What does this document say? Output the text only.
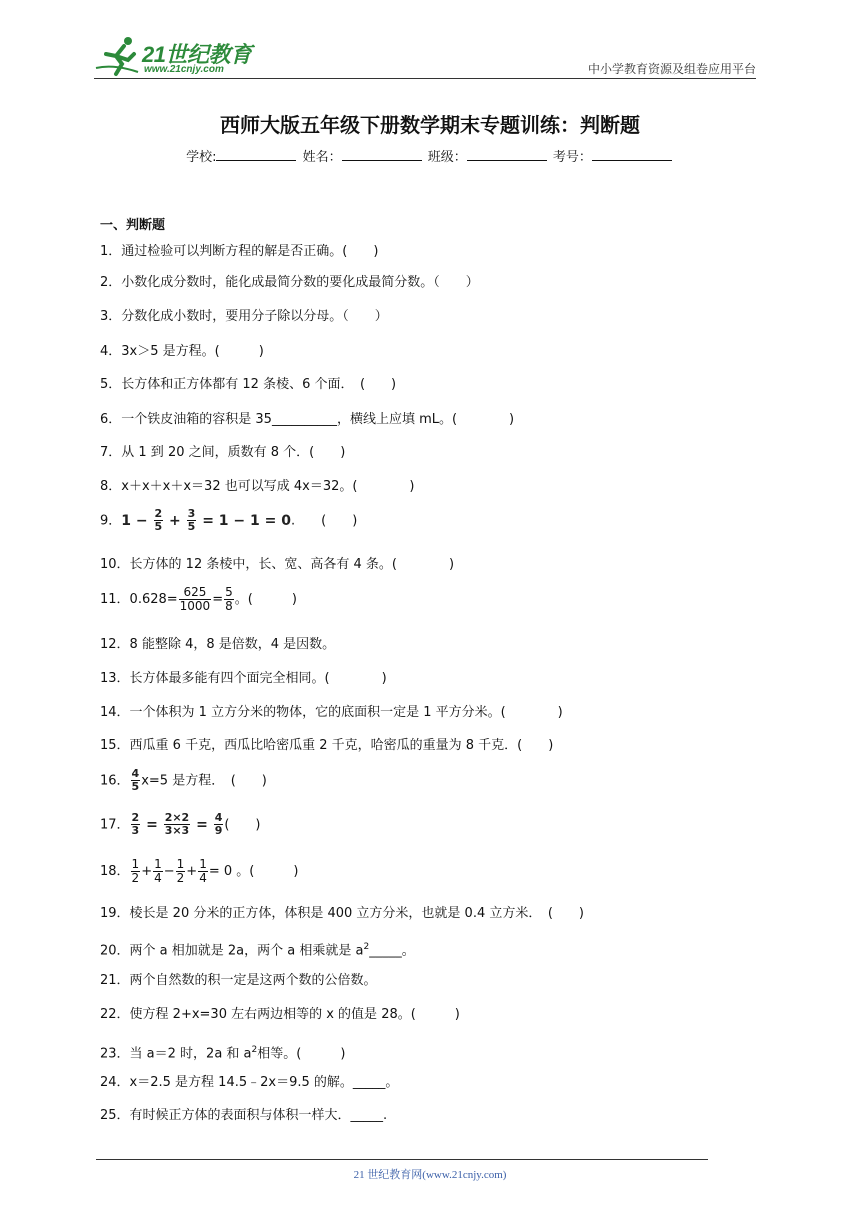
21世纪教育
www.21cnjy.com	中小学教育资源及组卷应用平台
西师大版五年级下册数学期末专题训练：判断题
学校:	姓名：	班级：	考号：
一、判断题
1．通过检验可以判断方程的解是否正确。(　　)
2．小数化成分数时，能化成最简分数的要化成最简分数。（　　）
3．分数化成小数时，要用分子除以分母。（　　）
4．3x＞5 是方程。(　　　)
5．长方体和正方体都有 12 条棱、6 个面．　(　　)
6．一个铁皮油箱的容积是 35__________，横线上应填 mL。(　　　　)
7．从 1 到 20 之间，质数有 8 个．(　　)
8．x＋x＋x＋x＝32 也可以写成 4x＝32。(　　　　)
9．$1 - \frac{2}{5} + \frac{3}{5} = 1 - 1 = 0$.　　(　　)
10．长方体的 12 条棱中，长、宽、高各有 4 条。(　　　　)
11．$0.628= \frac{625}{1000} = \frac{5}{8}$ 。(　　　)
12．8 能整除 4，8 是倍数，4 是因数。
13．长方体最多能有四个面完全相同。(　　　　)
14．一个体积为 1 立方分米的物体，它的底面积一定是 1 平方分米。(　　　　)
15．西瓜重 6 千克，西瓜比哈密瓜重 2 千克，哈密瓜的重量为 8 千克．(　　)
16． $\frac{4}{5} x=5$ 是方程．　(　　)
17． $\frac{2}{3} = \frac{2\times 2}{3\times 3} = \frac{4}{9}$ (　　)
18． $\frac{1}{2} + \frac{1}{4} - \frac{1}{2} + \frac{1}{4} = 0$ 。(　　　)
19．棱长是 20 分米的正方体，体积是 400 立方分米，也就是 0.4 立方米．　(　　)
20．两个 a 相加就是 2a，两个 a 相乘就是 $a^2\_\_\_\_\_$。
21．两个自然数的积一定是这两个数的公倍数。
22．使方程 2+x=30 左右两边相等的 x 的值是 28。(　　　)
23．当 a＝2 时，2a 和 $a^2$相等。(　　　)
24．x＝2.5 是方程 14.5﹣2x＝9.5 的解。_____。
25．有时候正方体的表面积与体积一样大．_____.
21 世纪教育网(www.21cnjy.com)
